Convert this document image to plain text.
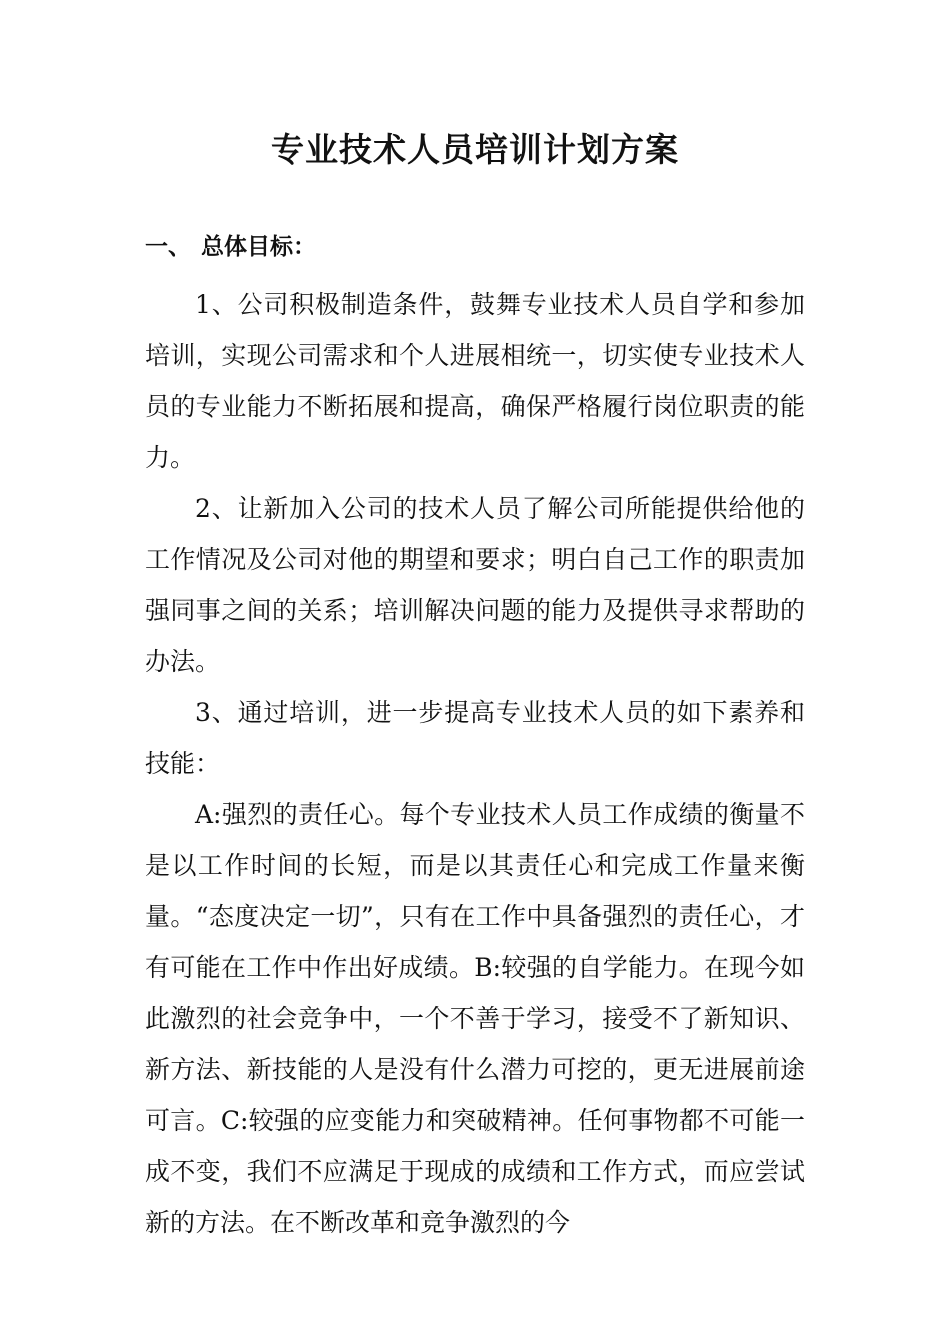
专业技术人员培训计划方案
一、 总体目标：

1、公司积极制造条件，鼓舞专业技术人员自学和参加培训，实现公司需求和个人进展相统一，切实使专业技术人员的专业能力不断拓展和提高，确保严格履行岗位职责的能力。

2、让新加入公司的技术人员了解公司所能提供给他的工作情况及公司对他的期望和要求；明白自己工作的职责加强同事之间的关系；培训解决问题的能力及提供寻求帮助的办法。

3、通过培训，进一步提高专业技术人员的如下素养和技能：

A:强烈的责任心。每个专业技术人员工作成绩的衡量不是以工作时间的长短，而是以其责任心和完成工作量来衡量。“态度决定一切”，只有在工作中具备强烈的责任心，才有可能在工作中作出好成绩。B:较强的自学能力。在现今如此激烈的社会竞争中，一个不善于学习，接受不了新知识、新方法、新技能的人是没有什么潜力可挖的，更无进展前途可言。C:较强的应变能力和突破精神。任何事物都不可能一成不变，我们不应满足于现成的成绩和工作方式，而应尝试新的方法。在不断改革和竞争激烈的今
